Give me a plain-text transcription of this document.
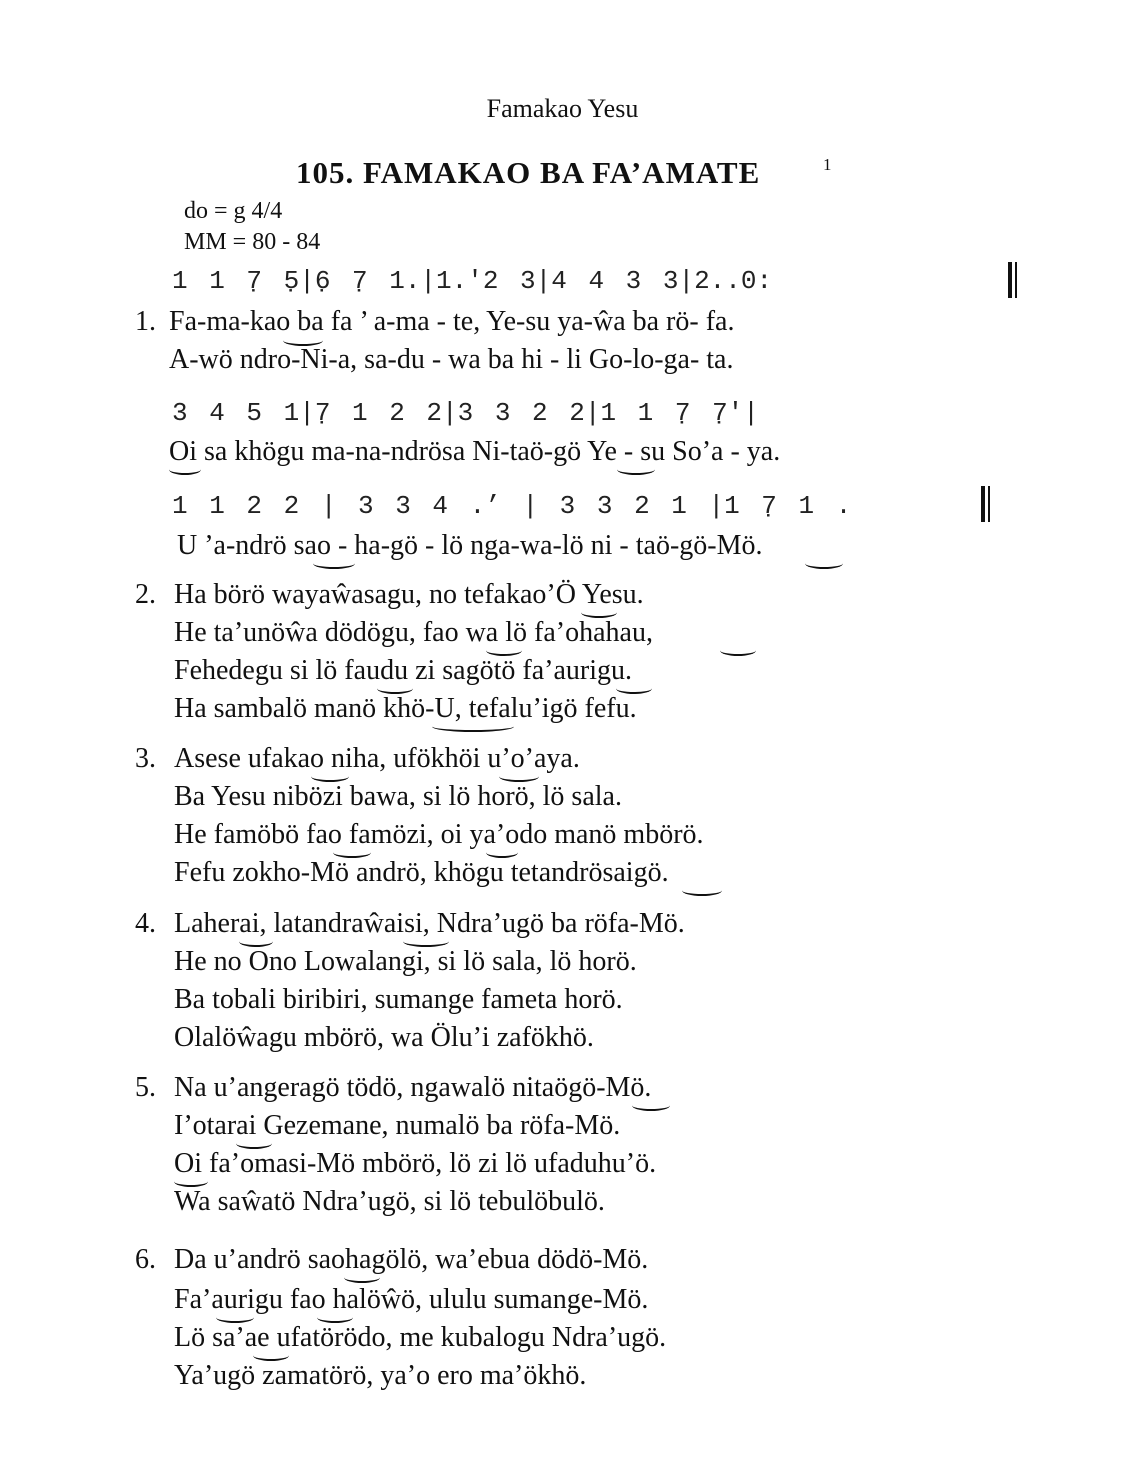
Famakao Yesu
105. FAMAKAO BA FA’AMATE	1
do = g 4/4
MM = 80 - 84
1 1 7̣ 5̣|6̣ 7̣ 1.|1.'2 3|4 4 3 3|2..0:
1. Fa-ma-kao ba fa ’ a-ma - te, Ye-su ya-ŵa ba rö- fa.
A-wö ndro-Ni-a, sa-du - wa ba hi - li Go-lo-ga- ta.
3 4 5 1|7̣ 1 2 2|3 3 2 2|1 1 7̣ 7̣'|
Oi sa khögu ma-na-ndrösa Ni-taö-gö Ye - su So’a - ya.
1 1 2 2 | 3 3 4 .’ | 3 3 2 1 |1 7̣ 1 .
U ’a-ndrö sao - ha-gö - lö nga-wa-lö ni - taö-gö-Mö.
2. Ha börö wayaŵasagu, no tefakao’Ö Yesu.
He ta’unöŵa dödögu, fao wa lö fa’ohahau,
Fehedegu si lö faudu zi sagötö fa’aurigu.
Ha sambalö manö khö-U, tefalu’igö fefu.
3. Asese ufakao niha, ufökhöi u’o’aya.
Ba Yesu nibözi bawa, si lö horö, lö sala.
He famöbö fao famözi, oi ya’odo manö mbörö.
Fefu zokho-Mö andrö, khögu tetandrösaigö.
4. Laherai, latandraŵaisi, Ndra’ugö ba röfa-Mö.
He no Ono Lowalangi, si lö sala, lö horö.
Ba tobali biribiri, sumange fameta horö.
Olalöŵagu mbörö, wa Ölu’i zafökhö.
5. Na u’angeragö tödö, ngawalö nitaögö-Mö.
I’otarai Gezemane, numalö ba röfa-Mö.
Oi fa’omasi-Mö mbörö, lö zi lö ufaduhu’ö.
Wa saŵatö Ndra’ugö, si lö tebulöbulö.
6. Da u’andrö saohagölö, wa’ebua dödö-Mö.
Fa’aurigu fao halöŵö, ululu sumange-Mö.
Lö sa’ae ufatörödo, me kubalogu Ndra’ugö.
Ya’ugö zamatörö, ya’o ero ma’ökhö.
